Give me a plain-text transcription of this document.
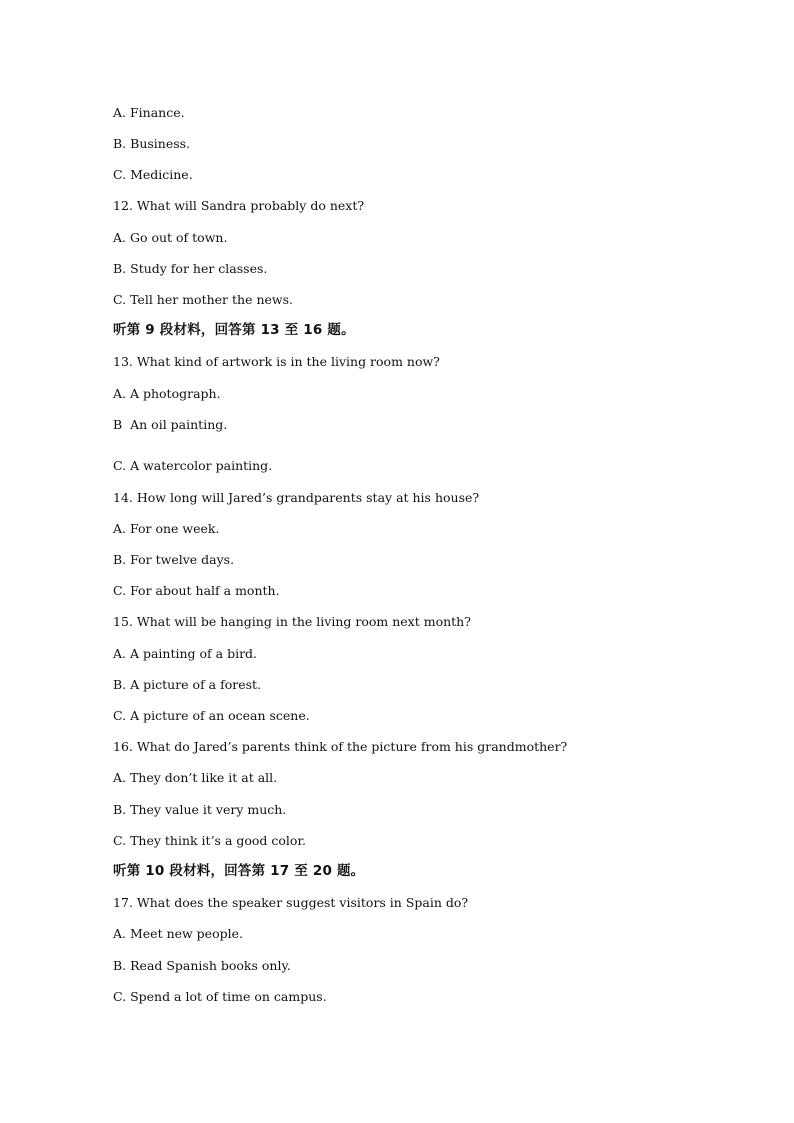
A. Finance.
B. Business.
C. Medicine.
12. What will Sandra probably do next?
A. Go out of town.
B. Study for her classes.
C. Tell her mother the news.
听第 9 段材料，回答第 13 至 16 题。
13. What kind of artwork is in the living room now?
A. A photograph.
B  An oil painting.
C. A watercolor painting.
14. How long will Jared’s grandparents stay at his house?
A. For one week.
B. For twelve days.
C. For about half a month.
15. What will be hanging in the living room next month?
A. A painting of a bird.
B. A picture of a forest.
C. A picture of an ocean scene.
16. What do Jared’s parents think of the picture from his grandmother?
A. They don’t like it at all.
B. They value it very much.
C. They think it’s a good color.
听第 10 段材料，回答第 17 至 20 题。
17. What does the speaker suggest visitors in Spain do?
A. Meet new people.
B. Read Spanish books only.
C. Spend a lot of time on campus.
